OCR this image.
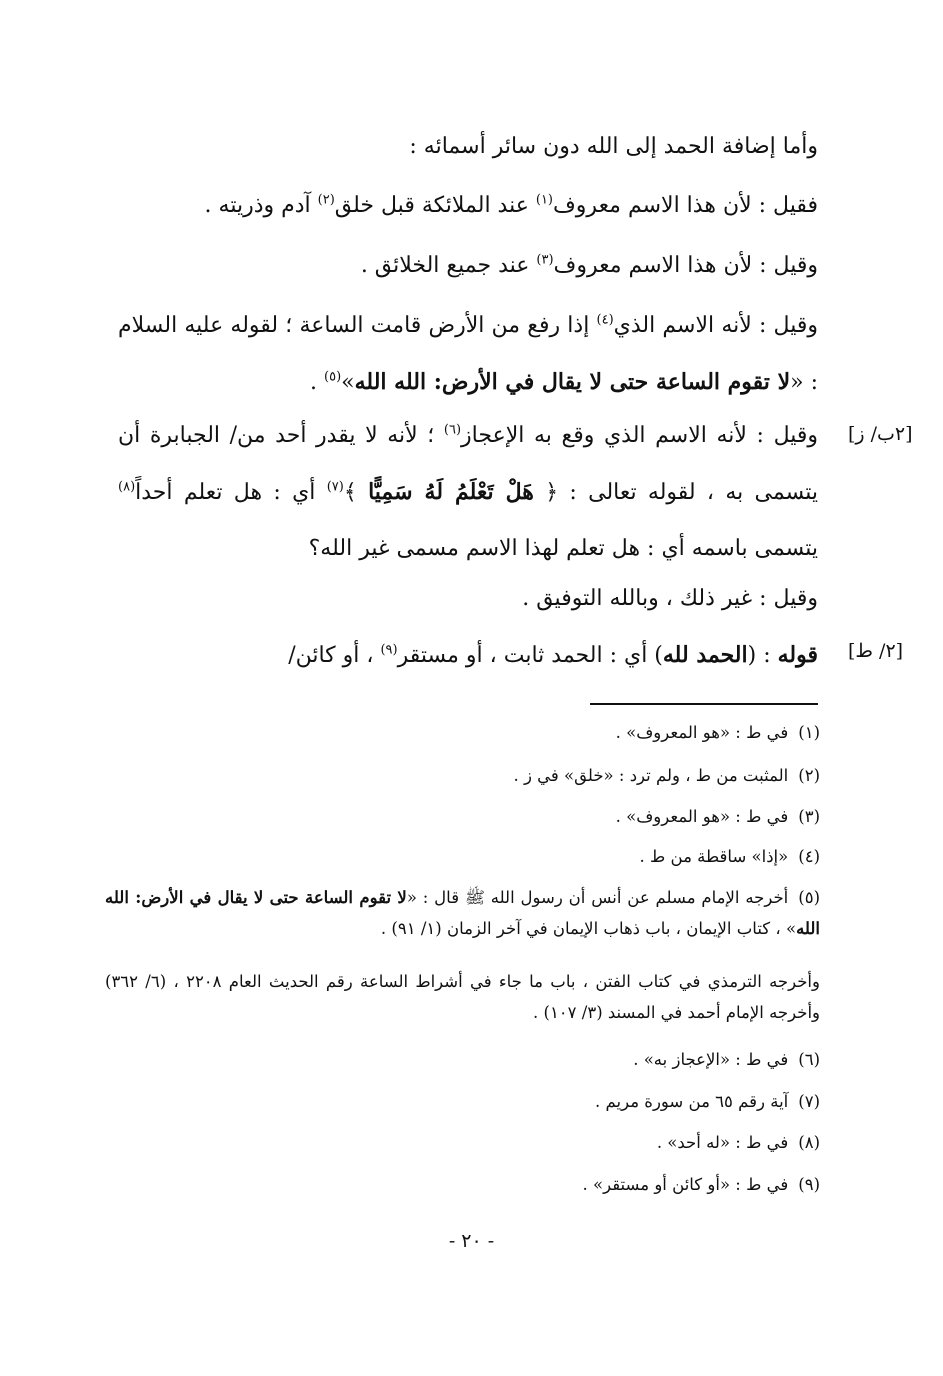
وأما إضافة الحمد إلى الله دون سائر أسمائه :

فقيل : لأن هذا الاسم معروف$^{(١)}$ عند الملائكة قبل خلق$^{(٢)}$ آدم وذريته .

وقيل : لأن هذا الاسم معروف$^{(٣)}$ عند جميع الخلائق .

وقيل : لأنه الاسم الذي$^{(٤)}$ إذا رفع من الأرض قامت الساعة ؛ لقوله عليه السلام : «لا تقوم الساعة حتى لا يقال في الأرض: الله الله»$^{(٥)}$ .

وقيل : لأنه الاسم الذي وقع به الإعجاز$^{(٦)}$ ؛ لأنه لا يقدر أحد من/ الجبابرة أن يتسمى به ، لقوله تعالى : ﴿ هَلْ تَعْلَمُ لَهُ سَمِيًّا ﴾$^{(٧)}$ أي : هل تعلم أحداً$^{(٨)}$ يتسمى باسمه أي : هل تعلم لهذا الاسم مسمى غير الله؟

[٢ب/ ز]

وقيل : غير ذلك ، وبالله التوفيق .

قوله : (الحمد لله) أي : الحمد ثابت ، أو مستقر$^{(٩)}$ ، أو كائن/	[٢/ ط]
(١)في ط : «هو المعروف» .
(٢)المثبت من ط ، ولم ترد : «خلق» في ز .
(٣)في ط : «هو المعروف» .
(٤)«إذا» ساقطة من ط .
(٥)أخرجه الإمام مسلم عن أنس أن رسول الله ﷺ قال : «لا تقوم الساعة حتى لا يقال في الأرض: الله الله» ، كتاب الإيمان ، باب ذهاب الإيمان في آخر الزمان (١/ ٩١) .
وأخرجه الترمذي في كتاب الفتن ، باب ما جاء في أشراط الساعة رقم الحديث العام ٢٢٠٨ ، (٦/ ٣٦٢) وأخرجه الإمام أحمد في المسند (٣/ ١٠٧) .
(٦)في ط : «الإعجاز به» .
(٧)آية رقم ٦٥ من سورة مريم .
(٨)في ط : «له أحد» .
(٩)في ط : «أو كائن أو مستقر» .
- ٢٠ -
